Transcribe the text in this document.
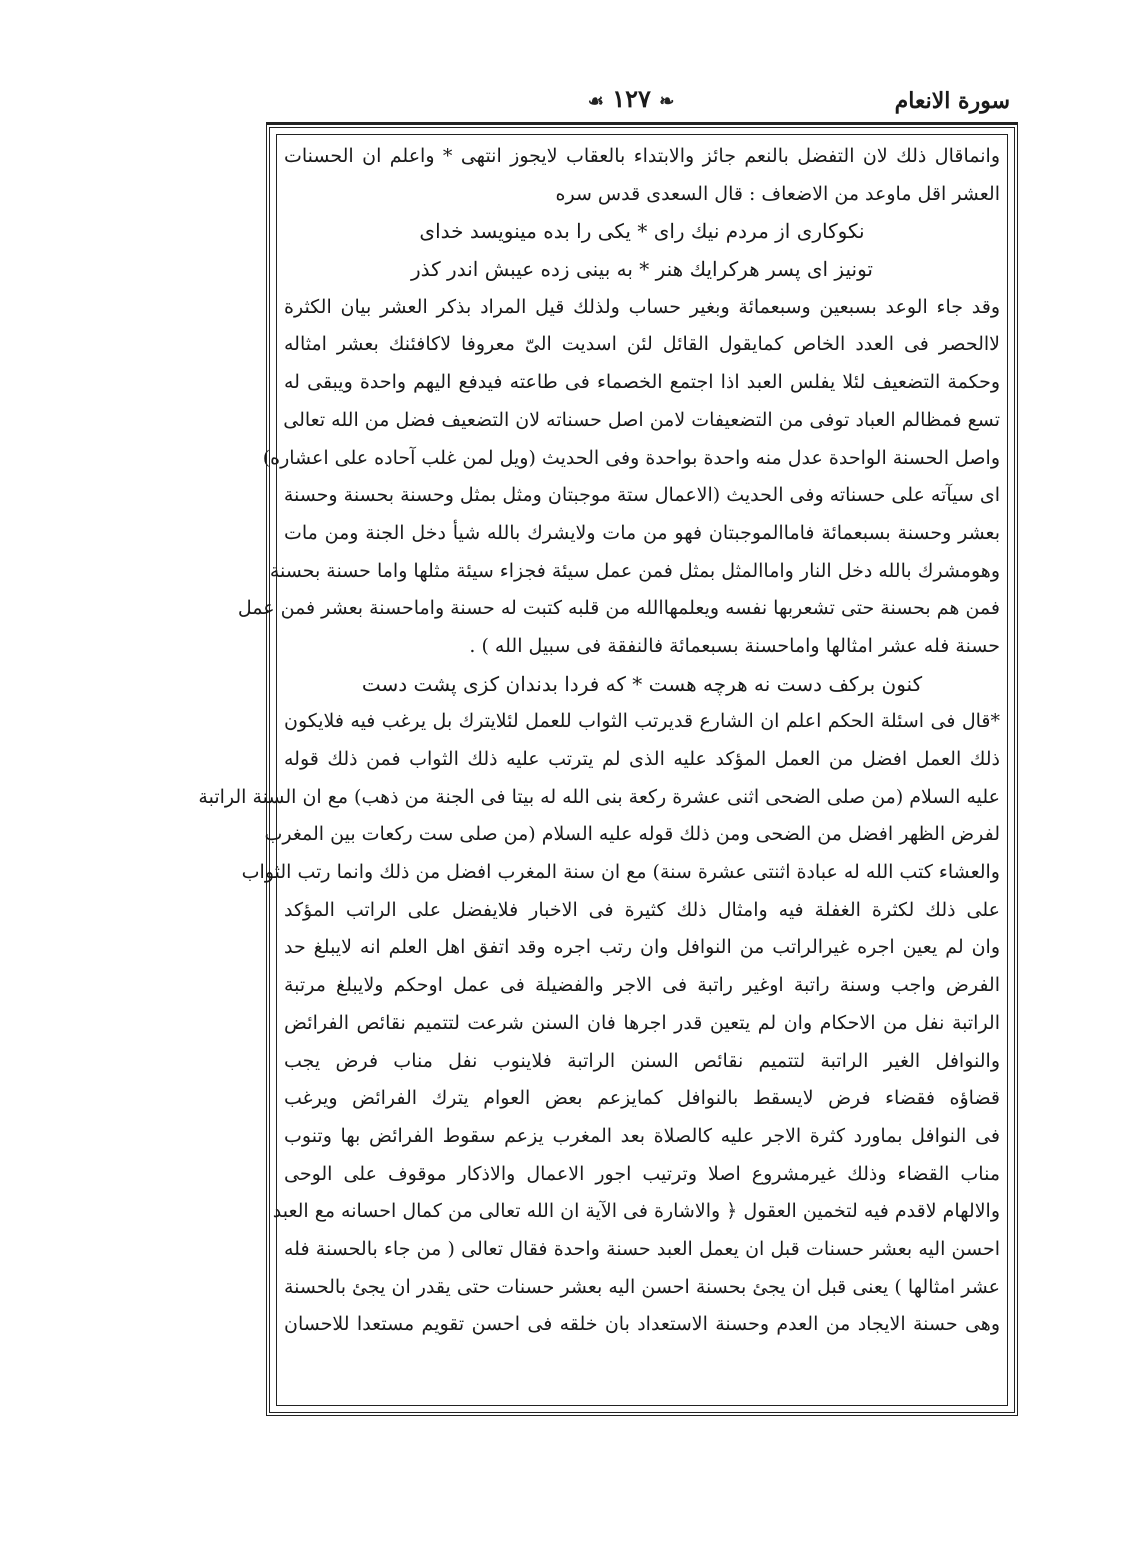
سورة الانعام
❧ ١٢٧ ☙
وانماقال ذلك لان التفضل بالنعم جائز والابتداء بالعقاب لايجوز انتهى * واعلم ان الحسنات
العشر اقل ماوعد من الاضعاف : قال السعدى قدس سره
نكوكارى از مردم نيك راى * يكى را بده مينويسد خداى
تونيز اى پسر هركرايك هنر * به بينى زده عيبش اندر كذر
وقد جاء الوعد بسبعين وسبعمائة وبغير حساب ولذلك قيل المراد بذكر العشر بيان الكثرة
لاالحصر فى العدد الخاص كمايقول القائل لئن اسديت الىّ معروفا لاكافئنك بعشر امثاله
وحكمة التضعيف لئلا يفلس العبد اذا اجتمع الخصماء فى طاعته فيدفع اليهم واحدة ويبقى له
تسع فمظالم العباد توفى من التضعيفات لامن اصل حسناته لان التضعيف فضل من الله تعالى
واصل الحسنة الواحدة عدل منه واحدة بواحدة وفى الحديث (ويل لمن غلب آحاده على اعشاره)
اى سيآته على حسناته وفى الحديث (الاعمال ستة موجبتان ومثل بمثل وحسنة بحسنة وحسنة
بعشر وحسنة بسبعمائة فاماالموجبتان فهو من مات ولايشرك بالله شيأ دخل الجنة ومن مات
وهومشرك بالله دخل النار واماالمثل بمثل فمن عمل سيئة فجزاء سيئة مثلها واما حسنة بحسنة
فمن هم بحسنة حتى تشعربها نفسه ويعلمهاالله من قلبه كتبت له حسنة واماحسنة بعشر فمن عمل
حسنة فله عشر امثالها واماحسنة بسبعمائة فالنفقة فى سبيل الله ) .
كنون بركف دست نه هرچه هست * كه فردا بدندان كزى پشت دست
*قال فى اسئلة الحكم اعلم ان الشارع قديرتب الثواب للعمل لئلايترك بل يرغب فيه فلايكون
ذلك العمل افضل من العمل المؤكد عليه الذى لم يترتب عليه ذلك الثواب فمن ذلك قوله
عليه السلام (من صلى الضحى اثنى عشرة ركعة بنى الله له بيتا فى الجنة من ذهب) مع ان السنة الراتبة
لفرض الظهر افضل من الضحى ومن ذلك قوله عليه السلام (من صلى ست ركعات بين المغرب
والعشاء كتب الله له عبادة اثنتى عشرة سنة) مع ان سنة المغرب افضل من ذلك وانما رتب الثواب
على ذلك لكثرة الغفلة فيه وامثال ذلك كثيرة فى الاخبار فلايفضل على الراتب المؤكد
وان لم يعين اجره غيرالراتب من النوافل وان رتب اجره وقد اتفق اهل العلم انه لايبلغ حد
الفرض واجب وسنة راتبة اوغير راتبة فى الاجر والفضيلة فى عمل اوحكم ولايبلغ مرتبة
الراتبة نفل من الاحكام وان لم يتعين قدر اجرها فان السنن شرعت لتتميم نقائص الفرائض
والنوافل الغير الراتبة لتتميم نقائص السنن الراتبة فلاينوب نفل مناب فرض يجب
قضاؤه فقضاء فرض لايسقط بالنوافل كمايزعم بعض العوام يترك الفرائض ويرغب
فى النوافل بماورد كثرة الاجر عليه كالصلاة بعد المغرب يزعم سقوط الفرائض بها وتنوب
مناب القضاء وذلك غيرمشروع اصلا وترتيب اجور الاعمال والاذكار موقوف على الوحى
والالهام لاقدم فيه لتخمين العقول ﴿ والاشارة فى الآية ان الله تعالى من كمال احسانه مع العبد
احسن اليه بعشر حسنات قبل ان يعمل العبد حسنة واحدة فقال تعالى ( من جاء بالحسنة فله
عشر امثالها ) يعنى قبل ان يجئ بحسنة احسن اليه بعشر حسنات حتى يقدر ان يجئ بالحسنة
وهى حسنة الايجاد من العدم وحسنة الاستعداد بان خلقه فى احسن تقويم مستعدا للاحسان
